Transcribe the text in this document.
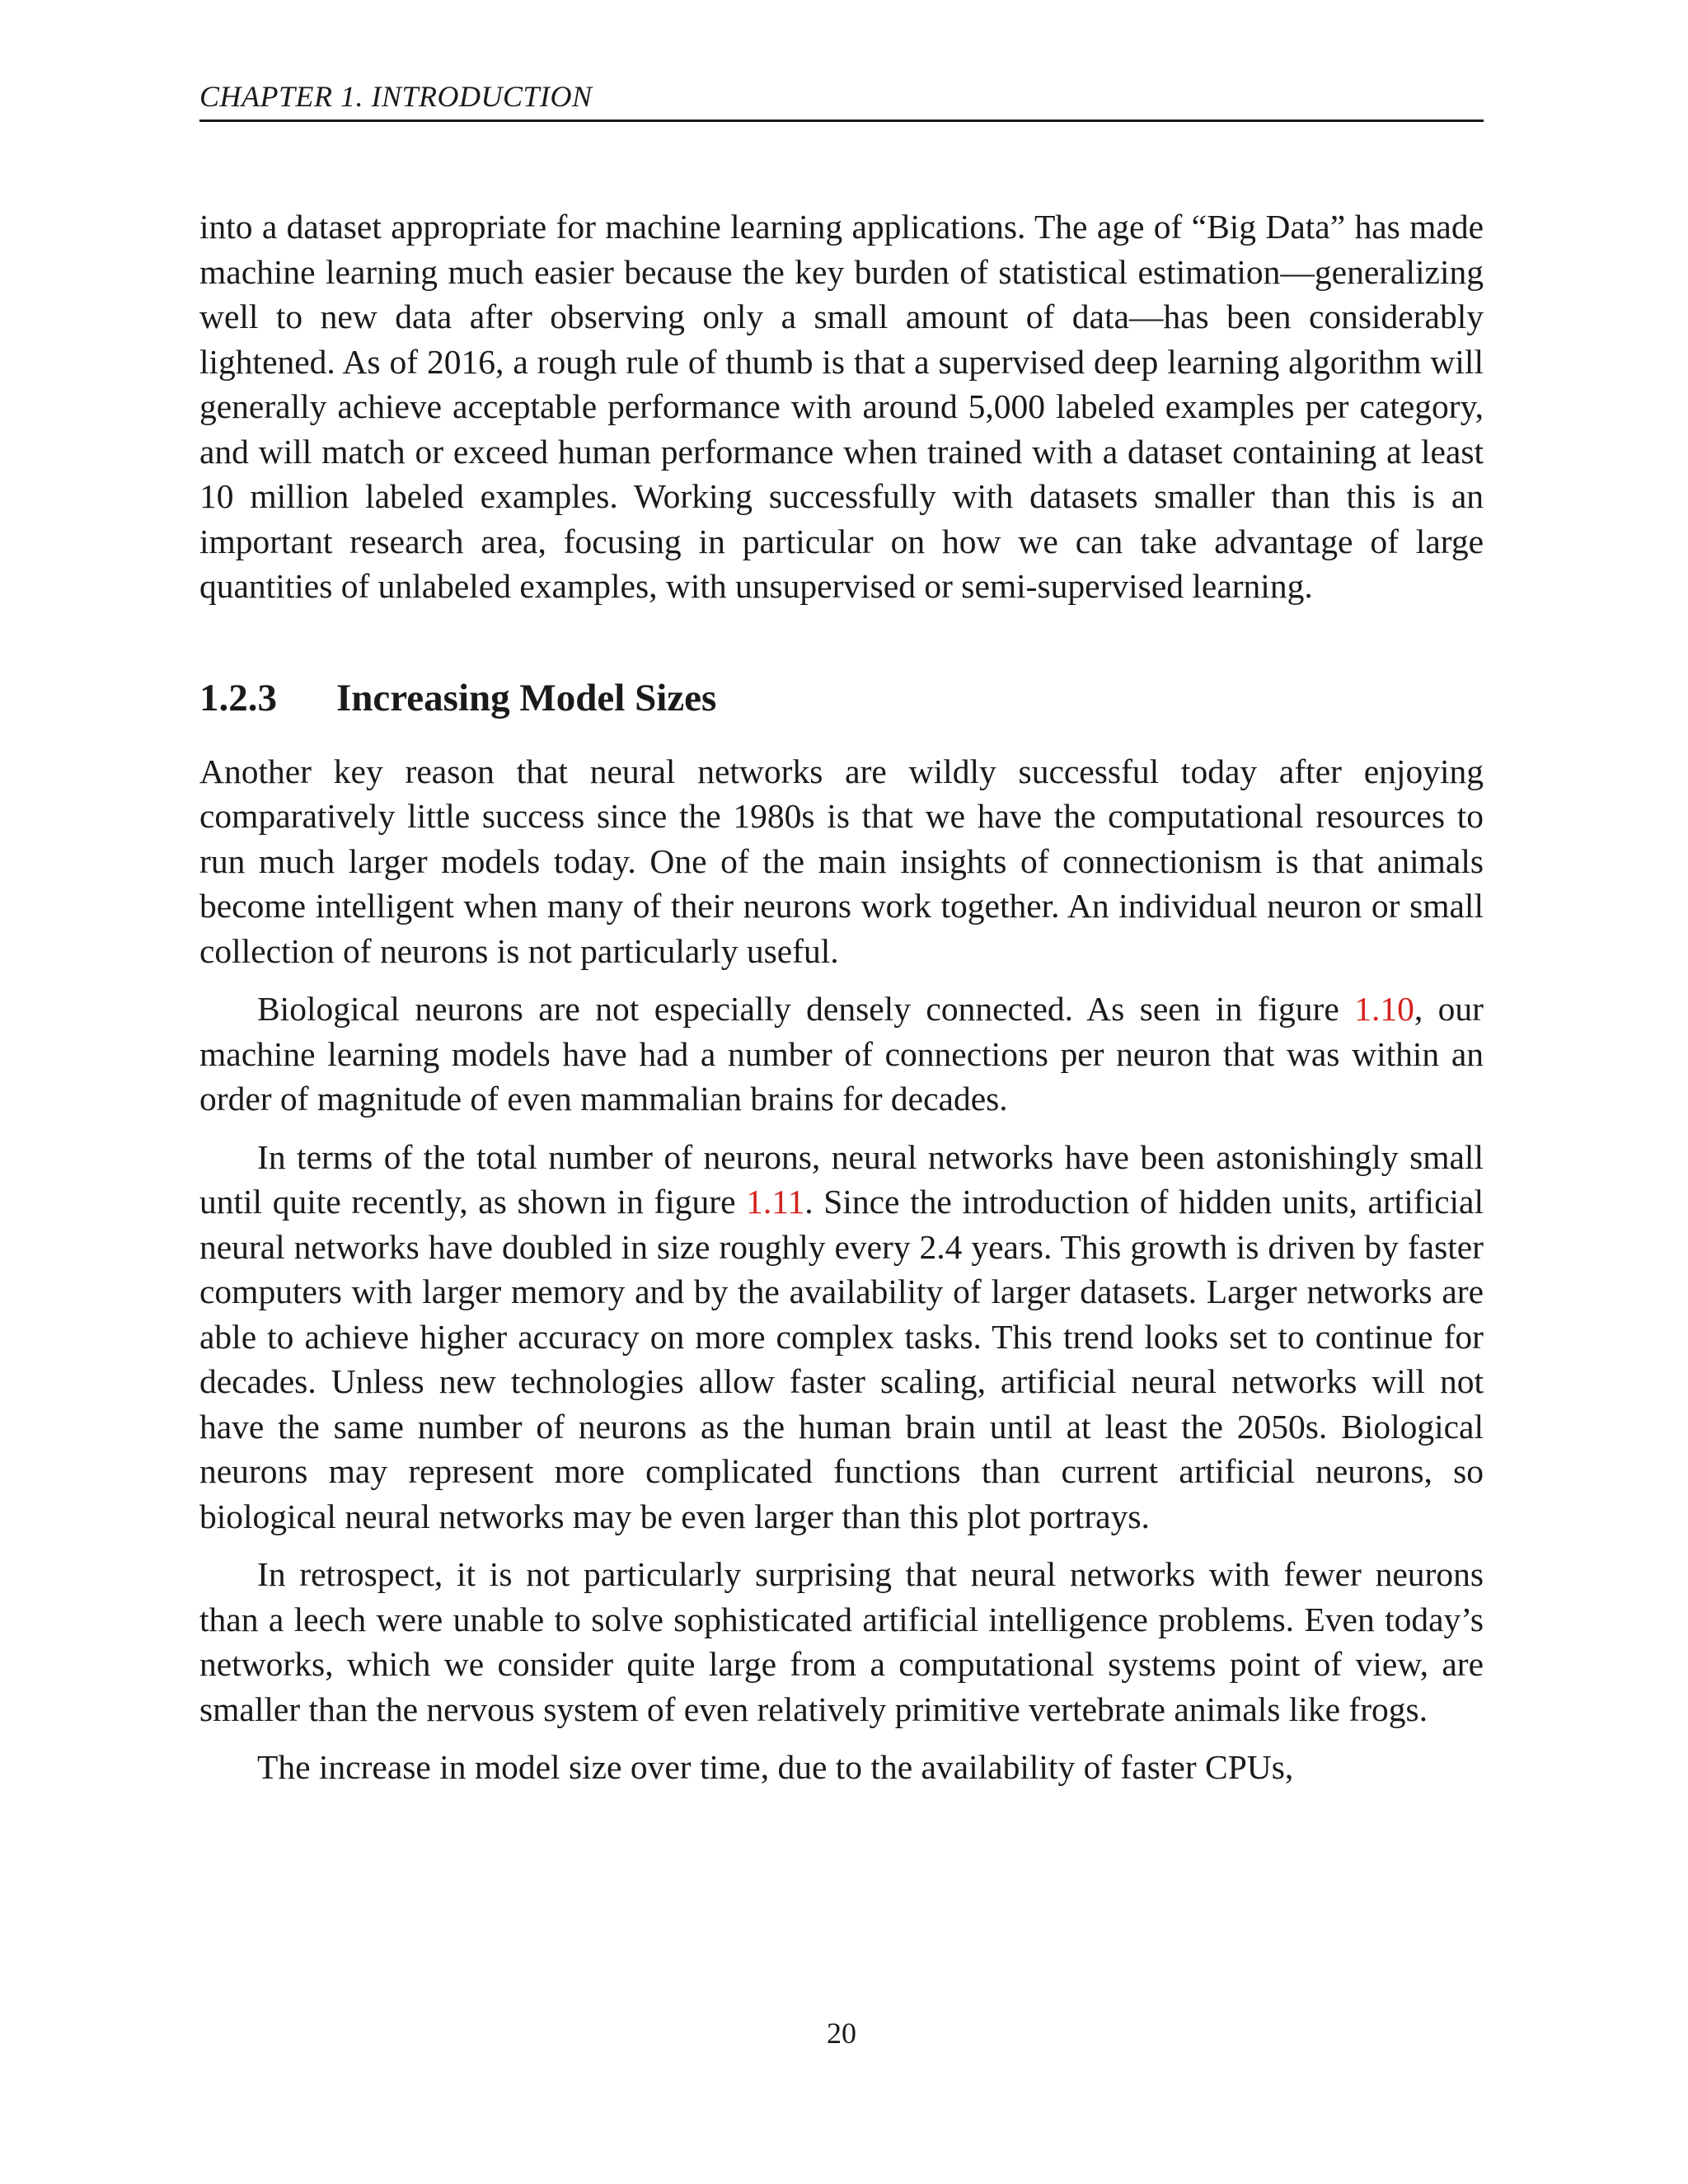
CHAPTER 1. INTRODUCTION

into a dataset appropriate for machine learning applications. The age of “Big Data” has made machine learning much easier because the key burden of statistical estimation—generalizing well to new data after observing only a small amount of data—has been considerably lightened. As of 2016, a rough rule of thumb is that a supervised deep learning algorithm will generally achieve acceptable performance with around 5,000 labeled examples per category, and will match or exceed human performance when trained with a dataset containing at least 10 million labeled examples. Working successfully with datasets smaller than this is an important research area, focusing in particular on how we can take advantage of large quantities of unlabeled examples, with unsupervised or semi-supervised learning.

1.2.3 Increasing Model Sizes

Another key reason that neural networks are wildly successful today after enjoying comparatively little success since the 1980s is that we have the computational resources to run much larger models today. One of the main insights of connectionism is that animals become intelligent when many of their neurons work together. An individual neuron or small collection of neurons is not particularly useful.

Biological neurons are not especially densely connected. As seen in figure 1.10, our machine learning models have had a number of connections per neuron that was within an order of magnitude of even mammalian brains for decades.

In terms of the total number of neurons, neural networks have been astonishingly small until quite recently, as shown in figure 1.11. Since the introduction of hidden units, artificial neural networks have doubled in size roughly every 2.4 years. This growth is driven by faster computers with larger memory and by the availability of larger datasets. Larger networks are able to achieve higher accuracy on more complex tasks. This trend looks set to continue for decades. Unless new technologies allow faster scaling, artificial neural networks will not have the same number of neurons as the human brain until at least the 2050s. Biological neurons may represent more complicated functions than current artificial neurons, so biological neural networks may be even larger than this plot portrays.

In retrospect, it is not particularly surprising that neural networks with fewer neurons than a leech were unable to solve sophisticated artificial intelligence problems. Even today’s networks, which we consider quite large from a computational systems point of view, are smaller than the nervous system of even relatively primitive vertebrate animals like frogs.

The increase in model size over time, due to the availability of faster CPUs,

20
